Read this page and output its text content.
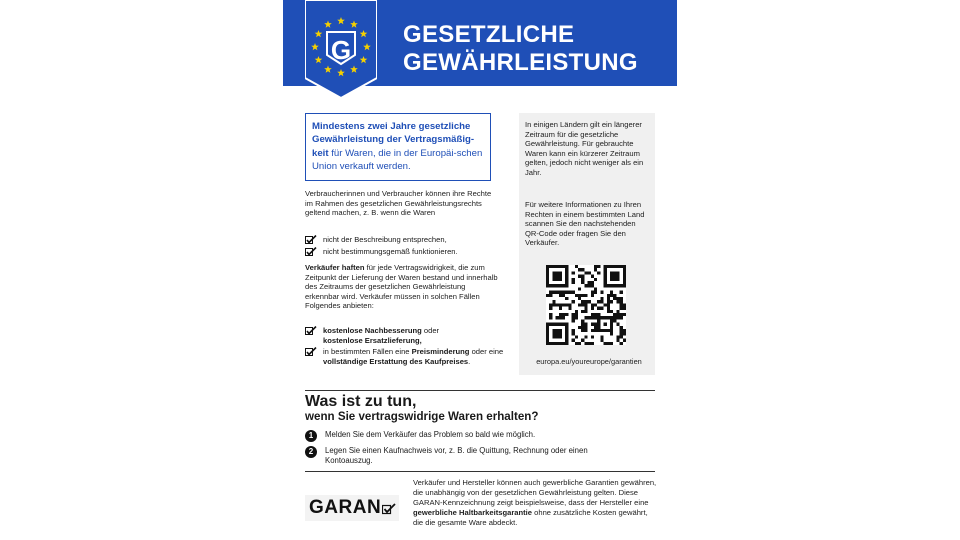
G
GESETZLICHE
GEWÄHRLEISTUNG
Mindestens zwei Jahre gesetzliche Gewährleistung der Vertragsmäßig-keit für Waren, die in der Europäi-schen Union verkauft werden.
Verbraucherinnen und Verbraucher können ihre Rechte im Rahmen des gesetzlichen Gewährleistungsrechts geltend machen, z. B. wenn die Waren
nicht der Beschreibung entsprechen,
nicht bestimmungsgemäß funktionieren.
Verkäufer haften für jede Vertragswidrigkeit, die zum Zeitpunkt der Lieferung der Waren bestand und innerhalb des Zeitraums der gesetzlichen Gewährleistung erkennbar wird. Verkäufer müssen in solchen Fällen Folgendes anbieten:
kostenlose Nachbesserung oder
kostenlose Ersatzlieferung,
in bestimmten Fällen eine Preisminderung oder eine vollständige Erstattung des Kaufpreises.
In einigen Ländern gilt ein längerer Zeitraum für die gesetzliche Gewährleistung. Für gebrauchte Waren kann ein kürzerer Zeitraum gelten, jedoch nicht weniger als ein Jahr.
Für weitere Informationen zu Ihren Rechten in einem bestimmten Land scannen Sie den nachstehenden QR-Code oder fragen Sie den Verkäufer.
europa.eu/youreurope/garantien
Was ist zu tun,
wenn Sie vertragswidrige Waren erhalten?
1	Melden Sie dem Verkäufer das Problem so bald wie möglich.
2	Legen Sie einen Kaufnachweis vor, z. B. die Quittung, Rechnung oder einen Kontoauszug.
GARAN
Verkäufer und Hersteller können auch gewerbliche Garantien gewähren, die unabhängig von der gesetzlichen Gewährleistung gelten. Diese GARAN-Kennzeichnung zeigt beispielsweise, dass der Hersteller eine gewerbliche Haltbarkeitsgarantie ohne zusätzliche Kosten gewährt, die die gesamte Ware abdeckt.
